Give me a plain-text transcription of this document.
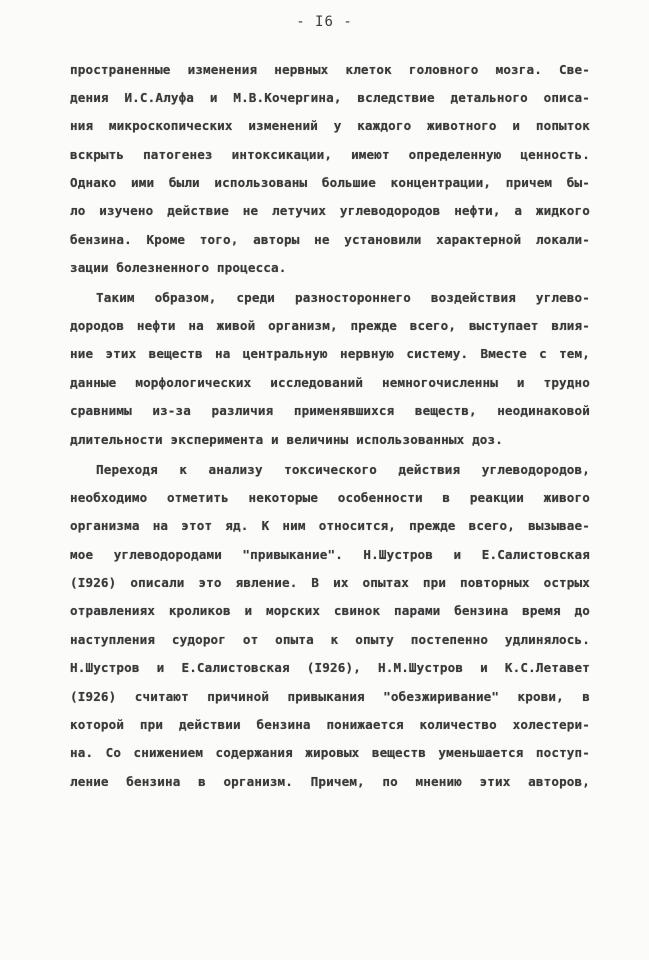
- I6 -
пространенные изменения нервных клеток головного мозга. Све-
дения И.С.Алуфа и М.В.Кочергина, вследствие детального описа-
ния микроскопических изменений у каждого животного и попыток
вскрыть патогенез интоксикации, имеют определенную ценность.
Однако ими были использованы большие концентрации, причем бы-
ло изучено действие не летучих углеводородов нефти, а жидкого
бензина. Кроме того, авторы не установили характерной локали-
зации болезненного процесса.
Таким образом, среди разностороннего воздействия углево-
дородов нефти на живой организм, прежде всего, выступает влия-
ние этих веществ на центральную нервную систему. Вместе с тем,
данные морфологических исследований немногочисленны и трудно
сравнимы из-за различия применявшихся веществ, неодинаковой
длительности эксперимента и величины использованных доз.
Переходя к анализу токсического действия углеводородов,
необходимо отметить некоторые особенности в реакции живого
организма на этот яд. К ним относится, прежде всего, вызывае-
мое углеводородами "привыкание". Н.Шустров и Е.Салистовская
(I926) описали это явление. В их опытах при повторных острых
отравлениях кроликов и морских свинок парами бензина время до
наступления судорог от опыта к опыту постепенно удлинялось.
Н.Шустров и Е.Салистовская (I926), Н.М.Шустров и К.С.Летавет
(I926) считают причиной привыкания "обезжиривание" крови, в
которой при действии бензина понижается количество холестери-
на. Со снижением содержания жировых веществ уменьшается поступ-
ление бензина в организм. Причем, по мнению этих авторов,
